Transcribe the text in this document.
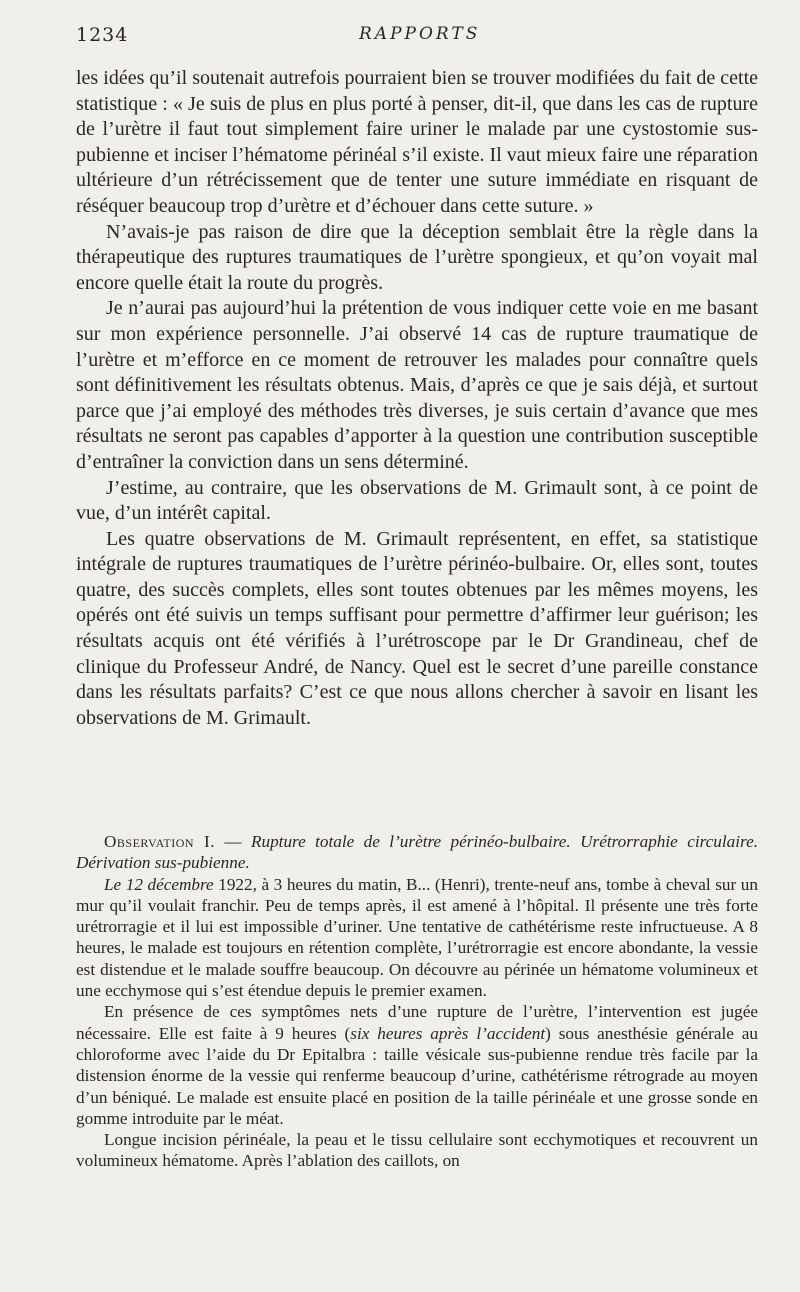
1234	RAPPORTS

les idées qu’il soutenait autrefois pourraient bien se trouver modifiées du fait de cette statistique : « Je suis de plus en plus porté à penser, dit-il, que dans les cas de rupture de l’urètre il faut tout simplement faire uriner le malade par une cystostomie sus-pubienne et inciser l’hématome périnéal s’il existe. Il vaut mieux faire une réparation ultérieure d’un rétrécissement que de tenter une suture immédiate en risquant de réséquer beaucoup trop d’urètre et d’échouer dans cette suture. »

N’avais-je pas raison de dire que la déception semblait être la règle dans la thérapeutique des ruptures traumatiques de l’urètre spongieux, et qu’on voyait mal encore quelle était la route du progrès.

Je n’aurai pas aujourd’hui la prétention de vous indiquer cette voie en me basant sur mon expérience personnelle. J’ai observé 14 cas de rupture traumatique de l’urètre et m’efforce en ce moment de retrouver les malades pour connaître quels sont définitivement les résultats obtenus. Mais, d’après ce que je sais déjà, et surtout parce que j’ai employé des méthodes très diverses, je suis certain d’avance que mes résultats ne seront pas capables d’apporter à la question une contribution susceptible d’entraîner la conviction dans un sens déterminé.

J’estime, au contraire, que les observations de M. Grimault sont, à ce point de vue, d’un intérêt capital.

Les quatre observations de M. Grimault représentent, en effet, sa statistique intégrale de ruptures traumatiques de l’urètre périnéo-bulbaire. Or, elles sont, toutes quatre, des succès complets, elles sont toutes obtenues par les mêmes moyens, les opérés ont été suivis un temps suffisant pour permettre d’affirmer leur guérison; les résultats acquis ont été vérifiés à l’urétroscope par le Dr Grandineau, chef de clinique du Professeur André, de Nancy. Quel est le secret d’une pareille constance dans les résultats parfaits? C’est ce que nous allons chercher à savoir en lisant les observations de M. Grimault.

Observation I. — Rupture totale de l’urètre périnéo-bulbaire. Urétrorraphie circulaire. Dérivation sus-pubienne.

Le 12 décembre 1922, à 3 heures du matin, B... (Henri), trente-neuf ans, tombe à cheval sur un mur qu’il voulait franchir. Peu de temps après, il est amené à l’hôpital. Il présente une très forte urétrorragie et il lui est impossible d’uriner. Une tentative de cathétérisme reste infructueuse. A 8 heures, le malade est toujours en rétention complète, l’urétrorragie est encore abondante, la vessie est distendue et le malade souffre beaucoup. On découvre au périnée un hématome volumineux et une ecchymose qui s’est étendue depuis le premier examen.

En présence de ces symptômes nets d’une rupture de l’urètre, l’intervention est jugée nécessaire. Elle est faite à 9 heures (six heures après l’accident) sous anesthésie générale au chloroforme avec l’aide du Dr Epitalbra : taille vésicale sus-pubienne rendue très facile par la distension énorme de la vessie qui renferme beaucoup d’urine, cathétérisme rétrograde au moyen d’un béniqué. Le malade est ensuite placé en position de la taille périnéale et une grosse sonde en gomme introduite par le méat.

Longue incision périnéale, la peau et le tissu cellulaire sont ecchymotiques et recouvrent un volumineux hématome. Après l’ablation des caillots, on
